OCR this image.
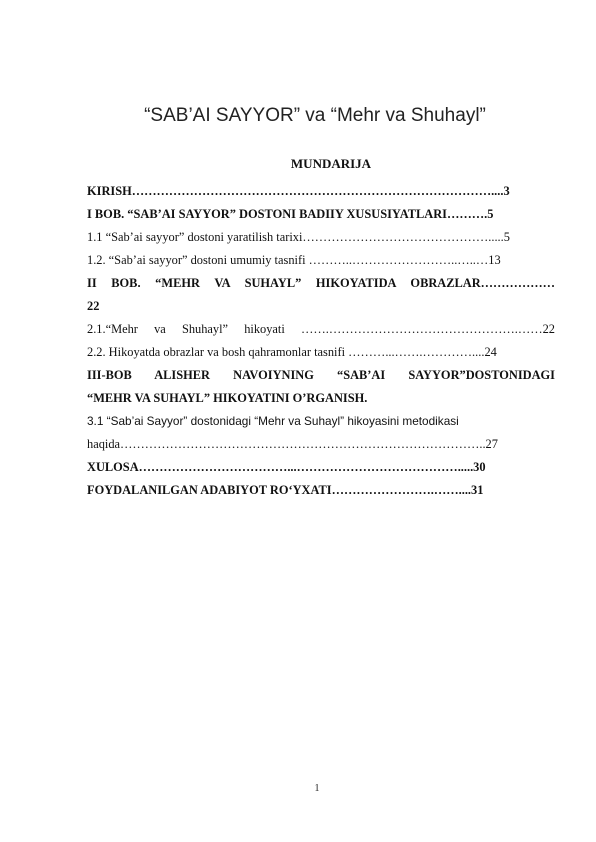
“SAB’AI SAYYOR” va “Mehr va Shuhayl”
MUNDARIJA
KIRISH……………………………………………………………………………....3
I BOB. “SAB’AI SAYYOR” DOSTONI BADIIY XUSUSIYATLARI……….5
1.1 “Sab’ai sayyor” dostoni yaratilish tarixi……………………………………….....5
1.2. “Sab’ai sayyor” dostoni umumiy tasnifi ………..……………………..…..…13
II BOB. “MEHR VA SUHAYL” HIKOYATIDA OBRAZLAR………………
22
2.1.“Mehr va Shuhayl” hikoyati …….……………………………………….……22
2.2. Hikoyatda obrazlar va bosh qahramonlar tasnifi ………...…….…………....24
III-BOB ALISHER NAVOIYNING “SAB’AI SAYYOR”DOSTONIDAGI
“MEHR VA SUHAYL” HIKOYATINI O’RGANISH.
3.1 “Sab’ai Sayyor” dostonidagi “Mehr va Suhayl” hikoyasini metodikasi
haqida……………………………………………………………………………..27
XULOSA………………………………...………………………………….....30
FOYDALANILGAN ADABIYOT RO‘YXATI…………………….……....31
1
